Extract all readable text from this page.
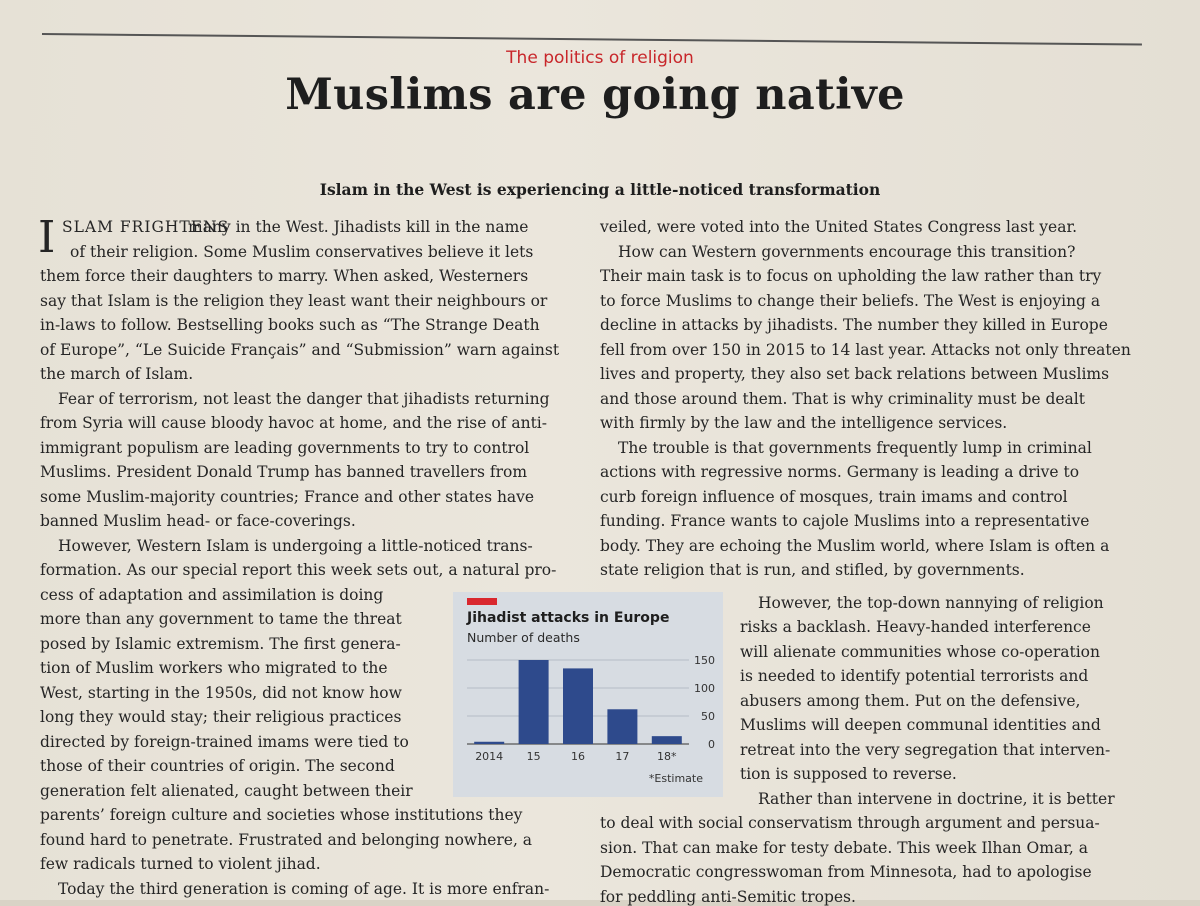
The politics of religion
Muslims are going native
Islam in the West is experiencing a little-noticed transformation
I	many in the West. Jihadists kill in the name
of their religion. Some Muslim conservatives believe it lets
them force their daughters to marry. When asked, Westerners
say that Islam is the religion they least want their neighbours or
in-laws to follow. Bestselling books such as “The Strange Death
of Europe”, “Le Suicide Français” and “Submission” warn against
the march of Islam.
Fear of terrorism, not least the danger that jihadists returning
from Syria will cause bloody havoc at home, and the rise of anti-
immigrant populism are leading governments to try to control
Muslims. President Donald Trump has banned travellers from
some Muslim-majority countries; France and other states have
banned Muslim head- or face-coverings.
However, Western Islam is undergoing a little-noticed trans-
formation. As our special report this week sets out, a natural pro-
cess of adaptation and assimilation is doing
more than any government to tame the threat
posed by Islamic extremism. The first genera-
tion of Muslim workers who migrated to the
West, starting in the 1950s, did not know how
long they would stay; their religious practices
directed by foreign-trained imams were tied to
those of their countries of origin. The second
generation felt alienated, caught between their
parents’ foreign culture and societies whose institutions they
found hard to penetrate. Frustrated and belonging nowhere, a
few radicals turned to violent jihad.
Today the third generation is coming of age. It is more enfran-
SLAM FRIGHTENS	veiled, were voted into the United States Congress last year.
How can Western governments encourage this transition?
Their main task is to focus on upholding the law rather than try
to force Muslims to change their beliefs. The West is enjoying a
decline in attacks by jihadists. The number they killed in Europe
fell from over 150 in 2015 to 14 last year. Attacks not only threaten
lives and property, they also set back relations between Muslims
and those around them. That is why criminality must be dealt
with firmly by the law and the intelligence services.
The trouble is that governments frequently lump in criminal
actions with regressive norms. Germany is leading a drive to
curb foreign influence of mosques, train imams and control
funding. France wants to cajole Muslims into a representative
body. They are echoing the Muslim world, where Islam is often a
state religion that is run, and stifled, by governments.
However, the top-down nannying of religion
risks a backlash. Heavy-handed interference
will alienate communities whose co-operation
is needed to identify potential terrorists and
abusers among them. Put on the defensive,
Muslims will deepen communal identities and
retreat into the very segregation that interven-
tion is supposed to reverse.
Rather than intervene in doctrine, it is better
to deal with social conservatism through argument and persua-
sion. That can make for testy debate. This week Ilhan Omar, a
Democratic congresswoman from Minnesota, had to apologise
for peddling anti-Semitic tropes.
Jihadist attacks in Europe
Number of deaths
0
50
100
150
2014 15	16	17	18*
*Estimate
